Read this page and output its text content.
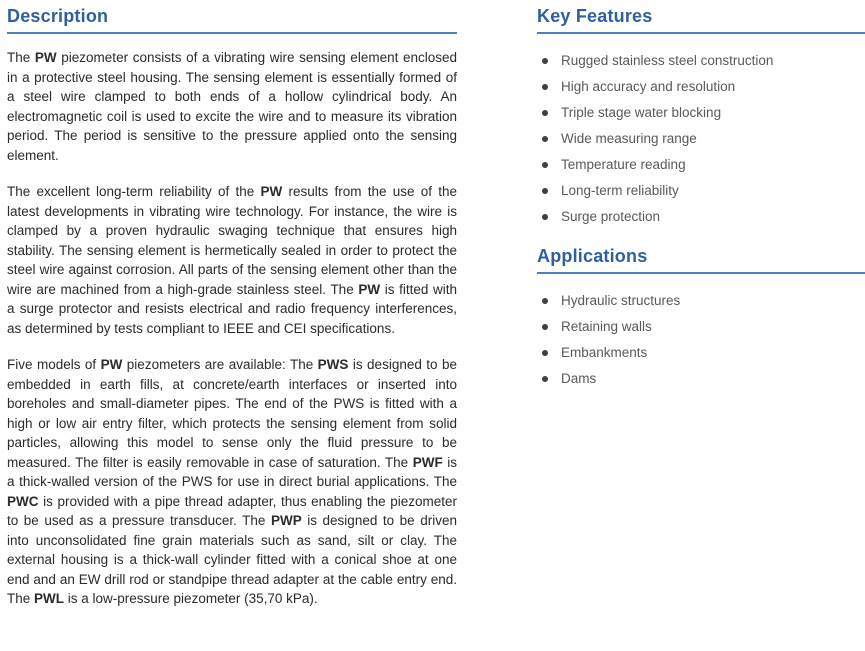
Description

The PW piezometer consists of a vibrating wire sensing element enclosed in a protective steel housing. The sensing element is essentially formed of a steel wire clamped to both ends of a hollow cylindrical body. An electromagnetic coil is used to excite the wire and to measure its vibration period. The period is sensitive to the pressure applied onto the sensing element.

The excellent long-term reliability of the PW results from the use of the latest developments in vibrating wire technology. For instance, the wire is clamped by a proven hydraulic swaging technique that ensures high stability. The sensing element is hermetically sealed in order to protect the steel wire against corrosion. All parts of the sensing element other than the wire are machined from a high-grade stainless steel. The PW is fitted with a surge protector and resists electrical and radio frequency interferences, as determined by tests compliant to IEEE and CEI specifications.

Five models of PW piezometers are available: The PWS is designed to be embedded in earth fills, at concrete/earth interfaces or inserted into boreholes and small-diameter pipes. The end of the PWS is fitted with a high or low air entry filter, which protects the sensing element from solid particles, allowing this model to sense only the fluid pressure to be measured. The filter is easily removable in case of saturation. The PWF is a thick-walled version of the PWS for use in direct burial applications. The PWC is provided with a pipe thread adapter, thus enabling the piezometer to be used as a pressure transducer. The PWP is designed to be driven into unconsolidated fine grain materials such as sand, silt or clay. The external housing is a thick-wall cylinder fitted with a conical shoe at one end and an EW drill rod or standpipe thread adapter at the cable entry end. The PWL is a low-pressure piezometer (35,70 kPa).

Key Features
Rugged stainless steel construction
High accuracy and resolution
Triple stage water blocking
Wide measuring range
Temperature reading
Long-term reliability
Surge protection
Applications
Hydraulic structures
Retaining walls
Embankments
Dams
